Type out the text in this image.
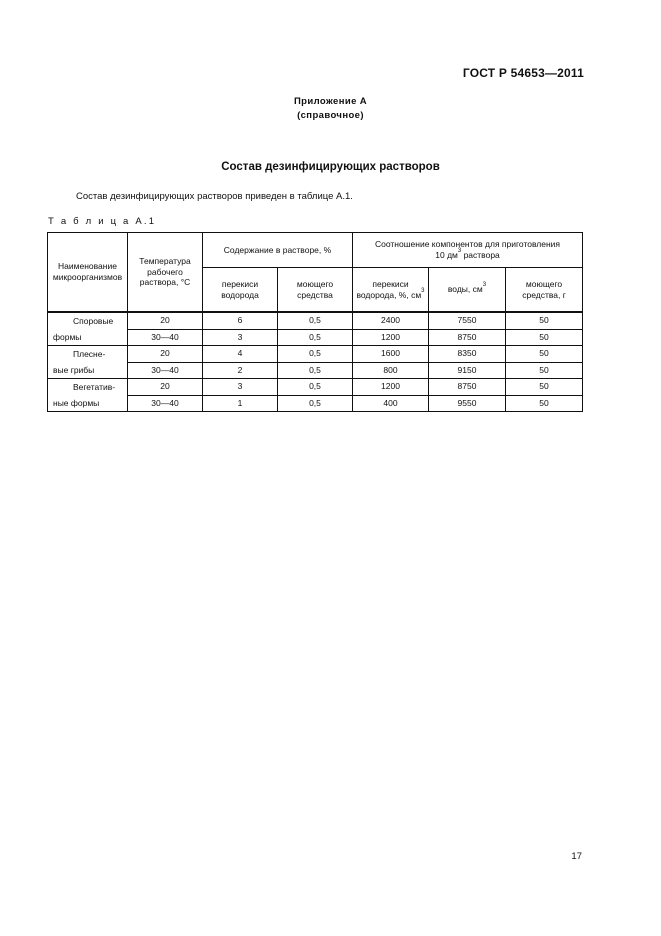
ГОСТ Р 54653—2011
Приложение А
(справочное)
Состав дезинфицирующих растворов
Состав дезинфицирующих растворов приведен в таблице А.1.
Т а б л и ц а А.1
Наименование микроорганизмов	Температура рабочего раствора, °С	Содержание в растворе, %		Соотношение компонентов для приготовления
10 $дм^3$ раствора		
		перекиси водорода	моющего средства	перекиси водорода, %, $см^3$	воды, $см^3$	моющего средства, г

Споровые
формы	20	6	0,5	2400	7550	50
	30—40	3	0,5	1200	8750	50

Плесне-
вые грибы	20	4	0,5	1600	8350	50
	30—40	2	0,5	800	9150	50

Вегетатив-
ные формы	20	3	0,5	1200	8750	50
	30—40	1	0,5	400	9550	50
17
